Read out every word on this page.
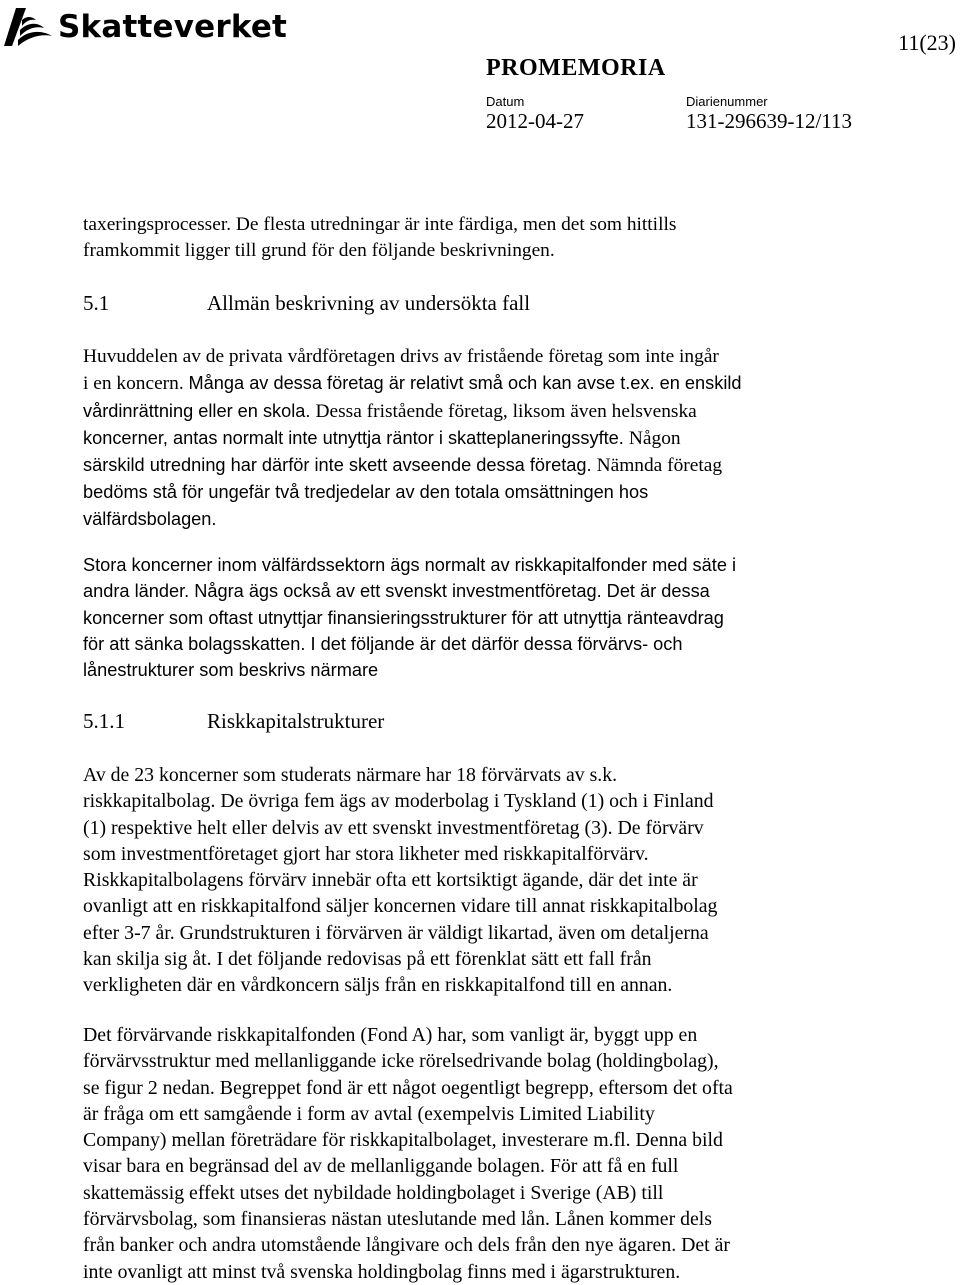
Skatteverket	11(23)
PROMEMORIA
Datum
2012-04-27
Diarienummer
131-296639-12/113
taxeringsprocesser. De flesta utredningar är inte färdiga, men det som hittills
framkommit ligger till grund för den följande beskrivningen.
5.1	Allmän beskrivning av undersökta fall
Huvuddelen av de privata vårdföretagen drivs av fristående företag som inte ingår
i en koncern. Många av dessa företag är relativt små och kan avse t.ex. en enskild
vårdinrättning eller en skola. Dessa fristående företag, liksom även helsvenska
koncerner, antas normalt inte utnyttja räntor i skatteplaneringssyfte. Någon
särskild utredning har därför inte skett avseende dessa företag. Nämnda företag
bedöms stå för ungefär två tredjedelar av den totala omsättningen hos
välfärdsbolagen.
Stora koncerner inom välfärdssektorn ägs normalt av riskkapitalfonder med säte i
andra länder. Några ägs också av ett svenskt investmentföretag. Det är dessa
koncerner som oftast utnyttjar finansieringsstrukturer för att utnyttja ränteavdrag
för att sänka bolagsskatten. I det följande är det därför dessa förvärvs- och
lånestrukturer som beskrivs närmare
5.1.1	Riskkapitalstrukturer
Av de 23 koncerner som studerats närmare har 18 förvärvats av s.k.
riskkapitalbolag. De övriga fem ägs av moderbolag i Tyskland (1) och i Finland
(1) respektive helt eller delvis av ett svenskt investmentföretag (3). De förvärv
som investmentföretaget gjort har stora likheter med riskkapitalförvärv.
Riskkapitalbolagens förvärv innebär ofta ett kortsiktigt ägande, där det inte är
ovanligt att en riskkapitalfond säljer koncernen vidare till annat riskkapitalbolag
efter 3-7 år. Grundstrukturen i förvärven är väldigt likartad, även om detaljerna
kan skilja sig åt. I det följande redovisas på ett förenklat sätt ett fall från
verkligheten där en vårdkoncern säljs från en riskkapitalfond till en annan.
Det förvärvande riskkapitalfonden (Fond A) har, som vanligt är, byggt upp en
förvärvsstruktur med mellanliggande icke rörelsedrivande bolag (holdingbolag),
se figur 2 nedan. Begreppet fond är ett något oegentligt begrepp, eftersom det ofta
är fråga om ett samgående i form av avtal (exempelvis Limited Liability
Company) mellan företrädare för riskkapitalbolaget, investerare m.fl. Denna bild
visar bara en begränsad del av de mellanliggande bolagen. För att få en full
skattemässig effekt utses det nybildade holdingbolaget i Sverige (AB) till
förvärvsbolag, som finansieras nästan uteslutande med lån. Lånen kommer dels
från banker och andra utomstående långivare och dels från den nye ägaren. Det är
inte ovanligt att minst två svenska holdingbolag finns med i ägarstrukturen.
